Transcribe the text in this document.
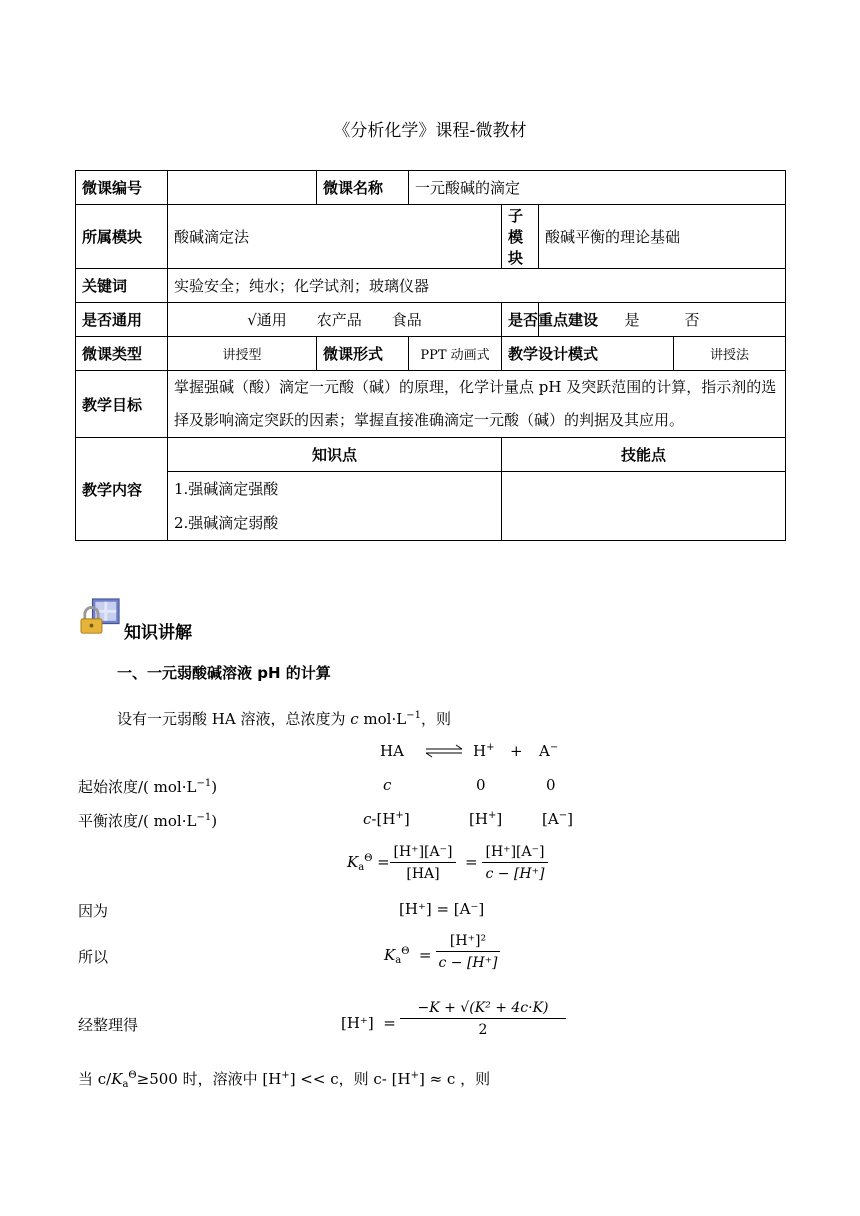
《分析化学》课程-微教材
微课编号		微课名称	一元酸碱的滴定			
所属模块	酸碱滴定法			子模块	酸碱平衡的理论基础	
关键词	实验安全；纯水；化学试剂；玻璃仪器					
是否通用	√通用　　农产品　　食品			是否重点建设	是　　　否	
微课类型	讲授型	微课形式	PPT 动画式	教学设计模式		讲授法
教学目标	掌握强碱（酸）滴定一元酸（碱）的原理，化学计量点 pH 及突跃范围的计算，指示剂的选择及影响滴定突跃的因素；掌握直接准确滴定一元酸（碱）的判据及其应用。					
教学内容	知识点			技能点		

	1.强碱滴定强酸
2.强碱滴定弱酸					

知识讲解
一、一元弱酸碱溶液 pH 的计算
设有一元弱酸 HA 溶液，总浓度为 c $mol\cdot L^{-1}$，则
HA ⇌ H+ + A−
起始浓度/( $mol\cdot L^{-1}$)	c	0	0
平衡浓度/( $mol\cdot L^{-1}$)	c-[H+]	[H+]	[A−]
$K_a^\Theta = \frac{[H^+][A^-]}{[HA]} = \frac{[H^+][A^-]}{c - [H^+]}$
因为	[H⁺] = [A⁻]
所以	$K_a^\Theta = \frac{\text{[H⁺]²}}{c - [H^+]}$
经整理得	$[H^+] = \frac{\text{−K + √(K² + 4c·K)}}{2}$
当 $c/K_a^\Theta\ge 500$ 时，溶液中 [H+] << c，则 c- [H+] ≈ c ，则
